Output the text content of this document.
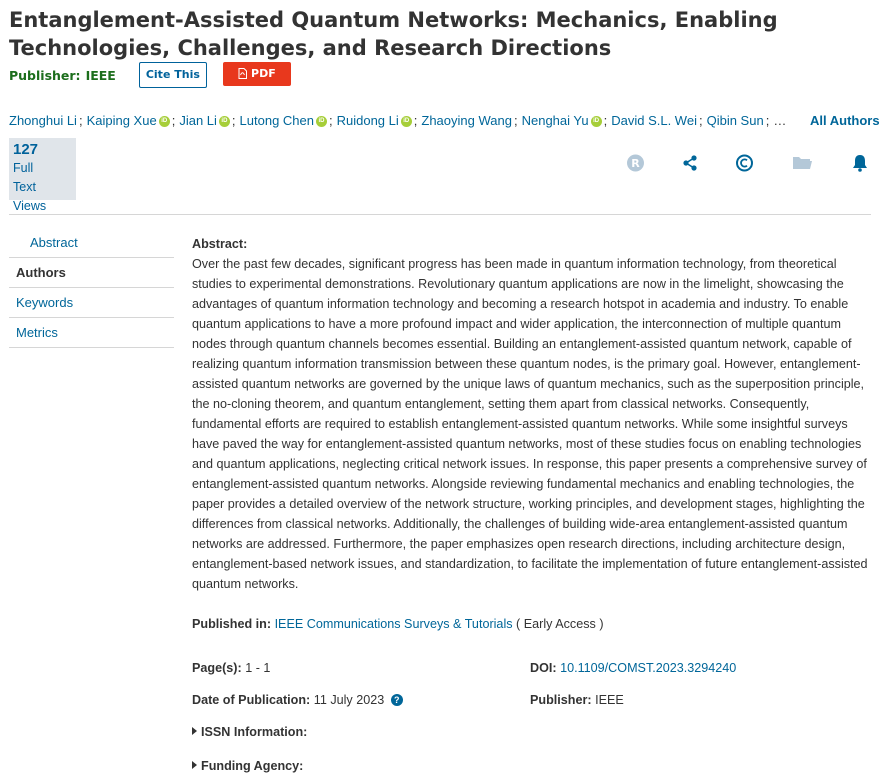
Entanglement-Assisted Quantum Networks: Mechanics, Enabling Technologies, Challenges, and Research Directions
Publisher: IEEE	Cite This	PDF
Zhonghui Li ; Kaiping Xue iD ; Jian Li iD ; Lutong Chen iD ; Ruidong Li iD ; Zhaoying Wang ; Nenghai Yu iD ; David S.L. Wei ; Qibin Sun ; …	All Authors
127
Full
Text Views
R
Abstract
Authors
Keywords
Metrics
Abstract:
Over the past few decades, significant progress has been made in quantum information technology, from theoretical studies to experimental demonstrations. Revolutionary quantum applications are now in the limelight, showcasing the advantages of quantum information technology and becoming a research hotspot in academia and industry. To enable quantum applications to have a more profound impact and wider application, the interconnection of multiple quantum nodes through quantum channels becomes essential. Building an entanglement-assisted quantum network, capable of realizing quantum information transmission between these quantum nodes, is the primary goal. However, entanglement-assisted quantum networks are governed by the unique laws of quantum mechanics, such as the superposition principle, the no-cloning theorem, and quantum entanglement, setting them apart from classical networks. Consequently, fundamental efforts are required to establish entanglement-assisted quantum networks. While some insightful surveys have paved the way for entanglement-assisted quantum networks, most of these studies focus on enabling technologies and quantum applications, neglecting critical network issues. In response, this paper presents a comprehensive survey of entanglement-assisted quantum networks. Alongside reviewing fundamental mechanics and enabling technologies, the paper provides a detailed overview of the network structure, working principles, and development stages, highlighting the differences from classical networks. Additionally, the challenges of building wide-area entanglement-assisted quantum networks are addressed. Furthermore, the paper emphasizes open research directions, including architecture design, entanglement-based network issues, and standardization, to facilitate the implementation of future entanglement-assisted quantum networks.
Published in: IEEE Communications Surveys & Tutorials ( Early Access )
Page(s): 1 - 1	DOI: 10.1109/COMST.2023.3294240
Date of Publication: 11 July 2023 ?	Publisher: IEEE
ISSN Information:
Funding Agency:
